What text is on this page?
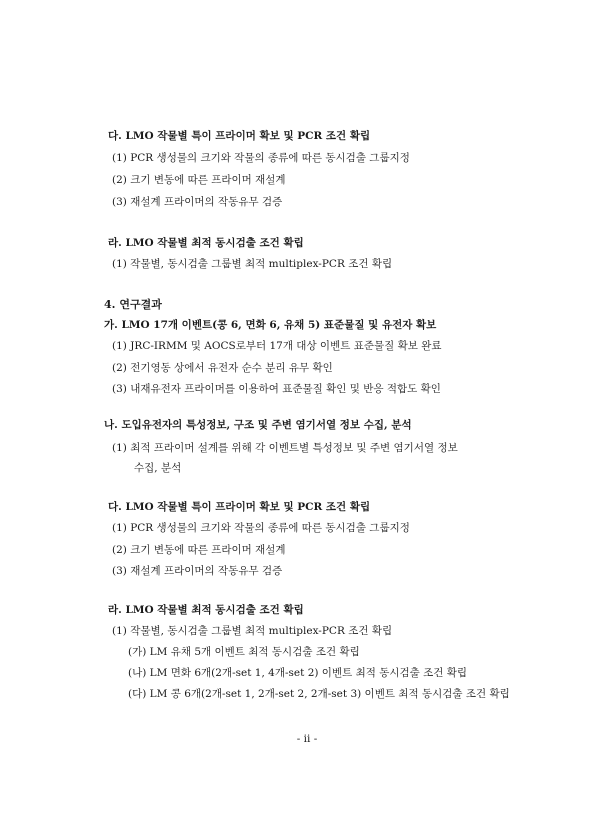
다. LMO 작물별 특이 프라이머 확보 및 PCR 조건 확립
(1) PCR 생성물의 크기와 작물의 종류에 따른 동시검출 그룹지정
(2) 크기 변동에 따른 프라이머 재설계
(3) 재설계 프라이머의 작동유무 검증
라. LMO 작물별 최적 동시검출 조건 확립
(1) 작물별, 동시검출 그룹별 최적 multiplex-PCR 조건 확립
4. 연구결과
가. LMO 17개 이벤트(콩 6, 면화 6, 유채 5) 표준물질 및 유전자 확보
(1) JRC-IRMM 및 AOCS로부터 17개 대상 이벤트 표준물질 확보 완료
(2) 전기영동 상에서 유전자 순수 분리 유무 확인
(3) 내재유전자 프라이머를 이용하여 표준물질 확인 및 반응 적합도 확인
나. 도입유전자의 특성정보, 구조 및 주변 염기서열 정보 수집, 분석
(1) 최적 프라이머 설계를 위해 각 이벤트별 특성정보 및 주변 염기서열 정보
수집, 분석
다. LMO 작물별 특이 프라이머 확보 및 PCR 조건 확립
(1) PCR 생성물의 크기와 작물의 종류에 따른 동시검출 그룹지정
(2) 크기 변동에 따른 프라이머 재설계
(3) 재설계 프라이머의 작동유무 검증
라. LMO 작물별 최적 동시검출 조건 확립
(1) 작물별, 동시검출 그룹별 최적 multiplex-PCR 조건 확립
(가) LM 유채 5개 이벤트 최적 동시검출 조건 확립
(나) LM 면화 6개(2개-set 1, 4개-set 2) 이벤트 최적 동시검출 조건 확립
(다) LM 콩 6개(2개-set 1, 2개-set 2, 2개-set 3) 이벤트 최적 동시검출 조건 확립
- ii -
